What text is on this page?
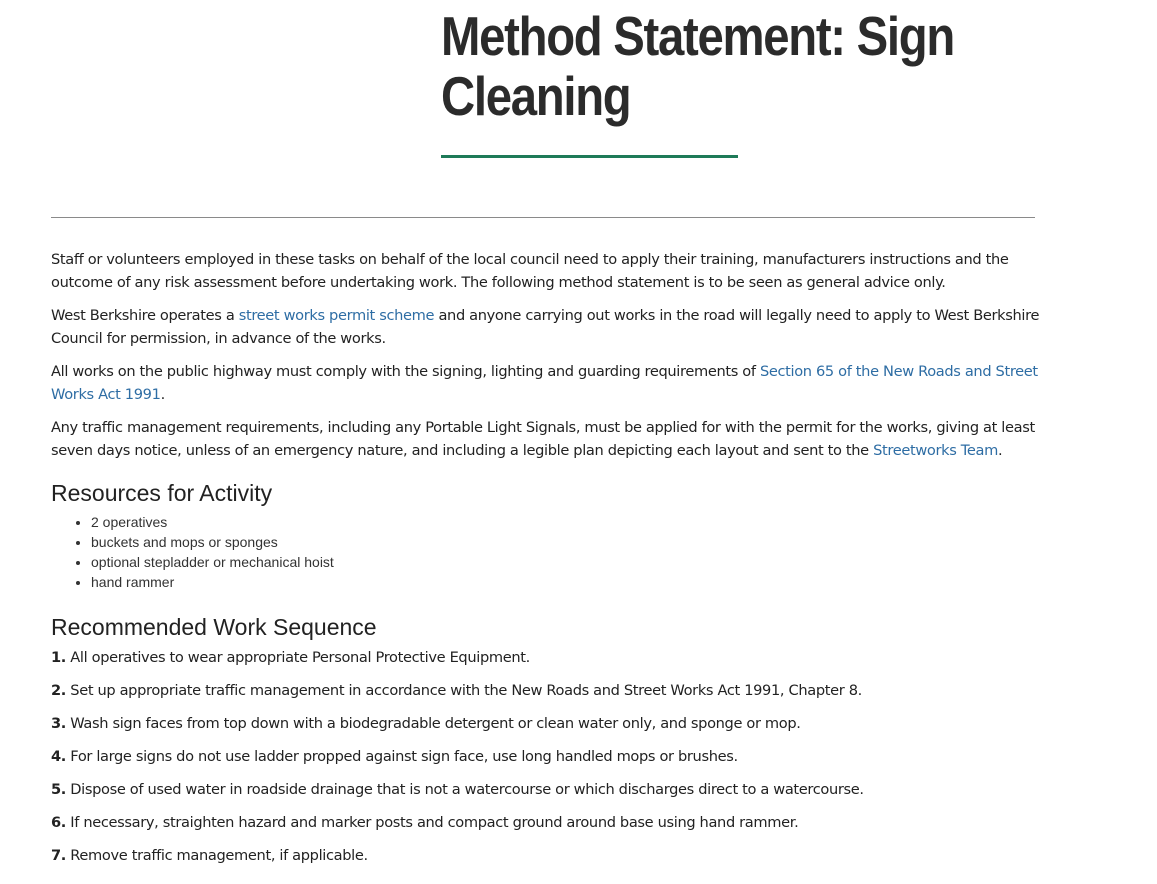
Method Statement: Sign
Cleaning

Staff or volunteers employed in these tasks on behalf of the local council need to apply their training, manufacturers instructions and the outcome of any risk assessment before undertaking work. The following method statement is to be seen as general advice only.

West Berkshire operates a street works permit scheme and anyone carrying out works in the road will legally need to apply to West Berkshire Council for permission, in advance of the works.

All works on the public highway must comply with the signing, lighting and guarding requirements of Section 65 of the New Roads and Street Works Act 1991.

Any traffic management requirements, including any Portable Light Signals, must be applied for with the permit for the works, giving at least seven days notice, unless of an emergency nature, and including a legible plan depicting each layout and sent to the Streetworks Team.

Resources for Activity
• 2 operatives
• buckets and mops or sponges
• optional stepladder or mechanical hoist
• hand rammer
Recommended Work Sequence
1. All operatives to wear appropriate Personal Protective Equipment.
2. Set up appropriate traffic management in accordance with the New Roads and Street Works Act 1991, Chapter 8.
3. Wash sign faces from top down with a biodegradable detergent or clean water only, and sponge or mop.
4. For large signs do not use ladder propped against sign face, use long handled mops or brushes.
5. Dispose of used water in roadside drainage that is not a watercourse or which discharges direct to a watercourse.
6. If necessary, straighten hazard and marker posts and compact ground around base using hand rammer.
7. Remove traffic management, if applicable.
